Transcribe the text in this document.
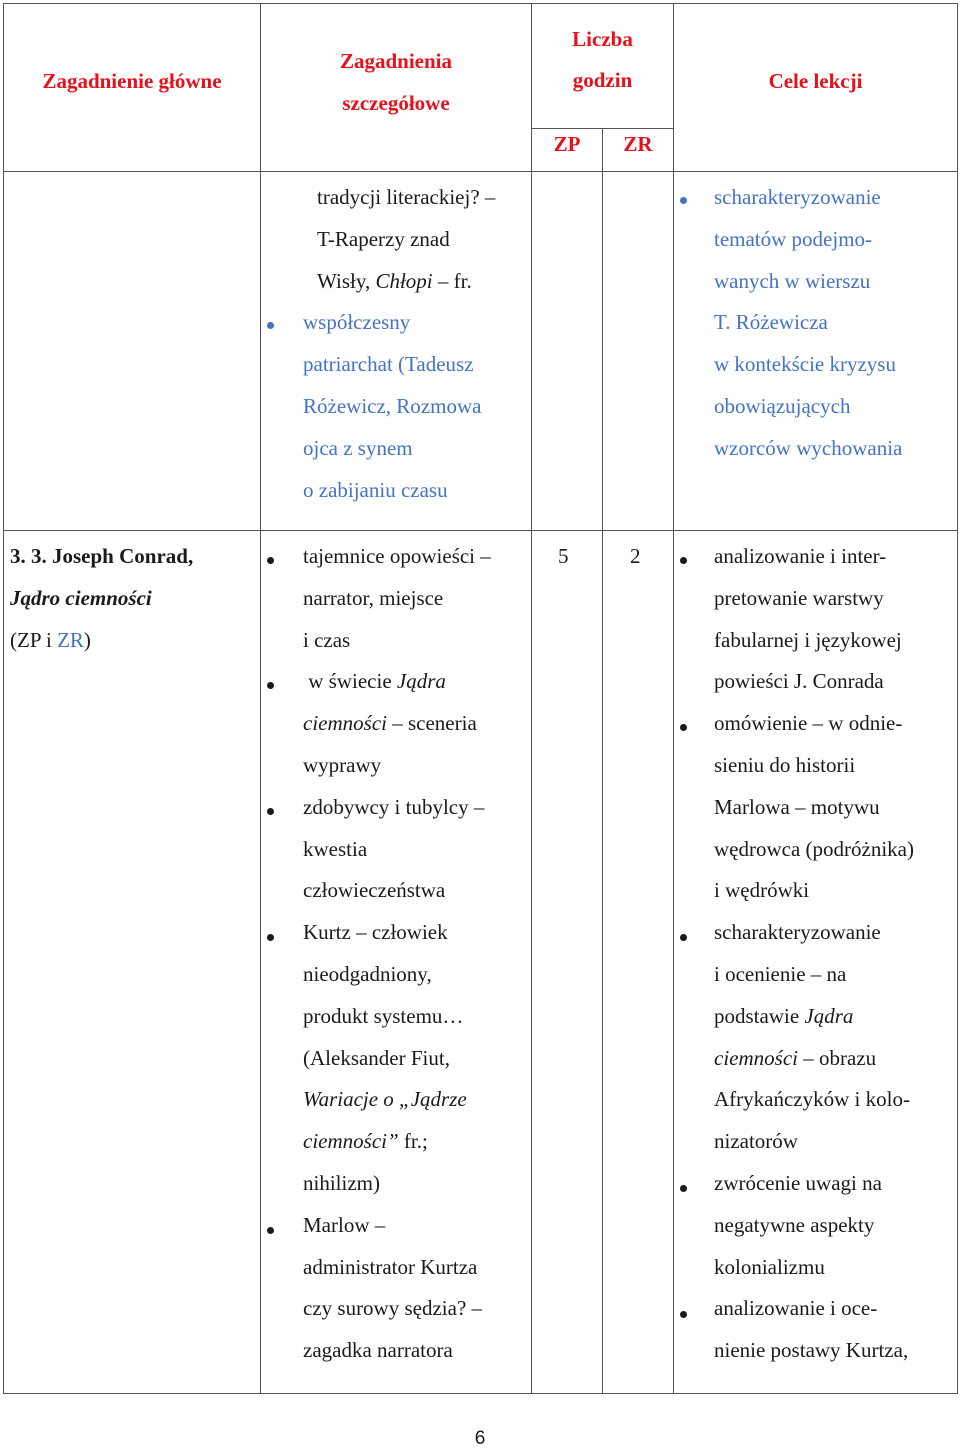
Zagadnienie główne
Zagadnienia
szczegółowe
Liczba
godzin
ZP	ZR
Cele lekcji
tradycji literackiej? –
T-Raperzy znad
Wisły, Chłopi – fr.
współczesny
patriarchat (Tadeusz
Różewicz, Rozmowa
ojca z synem
o zabijaniu czasu
scharakteryzowanie
tematów podejmo-
wanych w wierszu
T. Różewicza
w kontekście kryzysu
obowiązujących
wzorców wychowania
3. 3. Joseph Conrad,
Jądro ciemności
(ZP i ZR)
5	2
tajemnice opowieści –
narrator, miejsce
i czas
w świecie Jądra
ciemności – sceneria
wyprawy
zdobywcy i tubylcy –
kwestia
człowieczeństwa
Kurtz – człowiek
nieodgadniony,
produkt systemu…
(Aleksander Fiut,
Wariacje o „Jądrze
ciemności” fr.;
nihilizm)
Marlow –
administrator Kurtza
czy surowy sędzia? –
zagadka narratora
analizowanie i inter-
pretowanie warstwy
fabularnej i językowej
powieści J. Conrada
omówienie – w odnie-
sieniu do historii
Marlowa – motywu
wędrowca (podróżnika)
i wędrówki
scharakteryzowanie
i ocenienie – na
podstawie Jądra
ciemności – obrazu
Afrykańczyków i kolo-
nizatorów
zwrócenie uwagi na
negatywne aspekty
kolonializmu
analizowanie i oce-
nienie postawy Kurtza,
6
